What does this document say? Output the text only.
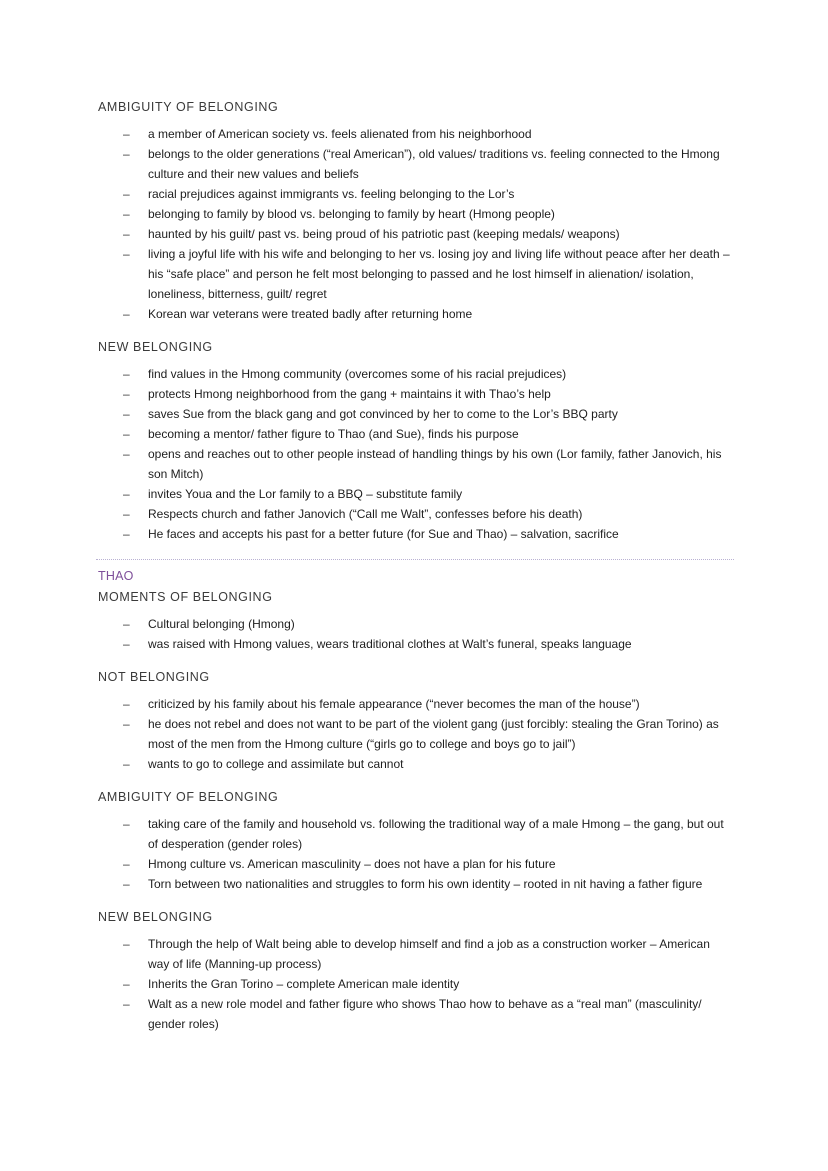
AMBIGUITY OF BELONGING
– a member of American society vs. feels alienated from his neighborhood
– belongs to the older generations (“real American”), old values/ traditions vs. feeling connected to the Hmong culture and their new values and beliefs
– racial prejudices against immigrants vs. feeling belonging to the Lor’s
– belonging to family by blood vs. belonging to family by heart (Hmong people)
– haunted by his guilt/ past vs. being proud of his patriotic past (keeping medals/ weapons)
– living a joyful life with his wife and belonging to her vs. losing joy and living life without peace after her death – his “safe place” and person he felt most belonging to passed and he lost himself in alienation/ isolation, loneliness, bitterness, guilt/ regret
– Korean war veterans were treated badly after returning home
NEW BELONGING
– find values in the Hmong community (overcomes some of his racial prejudices)
– protects Hmong neighborhood from the gang + maintains it with Thao’s help
– saves Sue from the black gang and got convinced by her to come to the Lor’s BBQ party
– becoming a mentor/ father figure to Thao (and Sue), finds his purpose
– opens and reaches out to other people instead of handling things by his own (Lor family, father Janovich, his son Mitch)
– invites Youa and the Lor family to a BBQ – substitute family
– Respects church and father Janovich (“Call me Walt”, confesses before his death)
– He faces and accepts his past for a better future (for Sue and Thao) – salvation, sacrifice
THAO
MOMENTS OF BELONGING
– Cultural belonging (Hmong)
– was raised with Hmong values, wears traditional clothes at Walt’s funeral, speaks language
NOT BELONGING
– criticized by his family about his female appearance (“never becomes the man of the house”)
– he does not rebel and does not want to be part of the violent gang (just forcibly: stealing the Gran Torino) as most of the men from the Hmong culture (“girls go to college and boys go to jail”)
– wants to go to college and assimilate but cannot
AMBIGUITY OF BELONGING
– taking care of the family and household vs. following the traditional way of a male Hmong – the gang, but out of desperation (gender roles)
– Hmong culture vs. American masculinity – does not have a plan for his future
– Torn between two nationalities and struggles to form his own identity – rooted in nit having a father figure
NEW BELONGING
– Through the help of Walt being able to develop himself and find a job as a construction worker – American way of life (Manning-up process)
– Inherits the Gran Torino – complete American male identity
– Walt as a new role model and father figure who shows Thao how to behave as a “real man” (masculinity/ gender roles)
